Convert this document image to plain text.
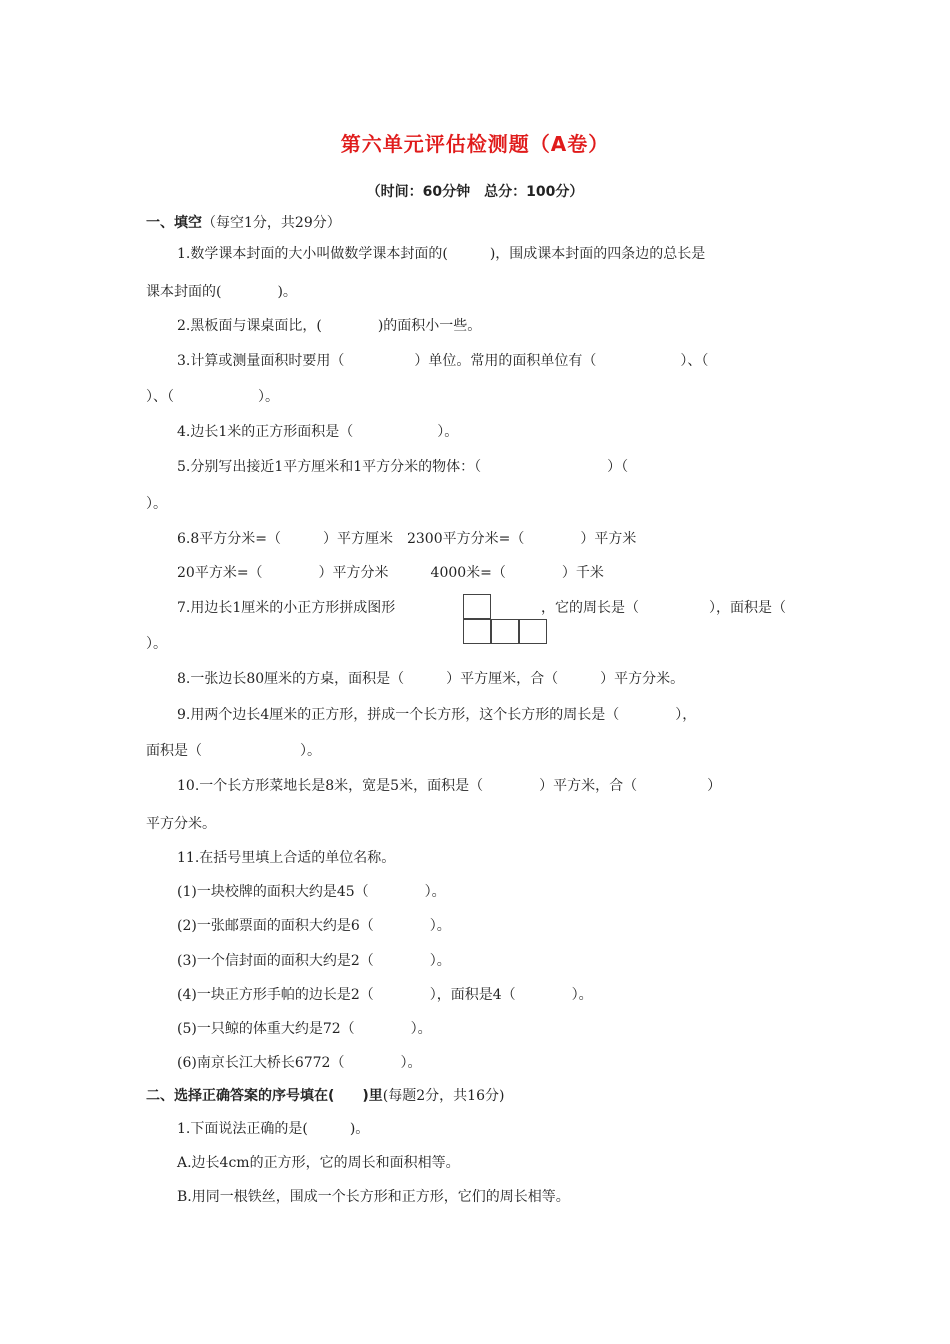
第六单元评估检测题（A卷）
（时间：60分钟　总分：100分）
一、填空（每空1分，共29分）
1.数学课本封面的大小叫做数学课本封面的(　　　)，围成课本封面的四条边的总长是
课本封面的(　　　　)。
2.黑板面与课桌面比，(　　　　)的面积小一些。
3.计算或测量面积时要用（　　　　　）单位。常用的面积单位有（　　　　　　）、（
）、（　　　　　　）。
4.边长1米的正方形面积是（　　　　　　）。
5.分别写出接近1平方厘米和1平方分米的物体：（　　　　　　　　　）（
）。
6.8平方分米=（　　　）平方厘米　2300平方分米=（　　　　）平方米
20平方米=（　　　　）平方分米　　　4000米=（　　　　）千米
7.用边长1厘米的小正方形拼成图形	，它的周长是（　　　　　），面积是（
）。
8.一张边长80厘米的方桌，面积是（　　　）平方厘米，合（　　　）平方分米。
9.用两个边长4厘米的正方形，拼成一个长方形，这个长方形的周长是（　　　　），
面积是（　　　　　　　）。
10.一个长方形菜地长是8米，宽是5米，面积是（　　　　）平方米，合（　　　　　）
平方分米。
11.在括号里填上合适的单位名称。
(1)一块校牌的面积大约是45（　　　　）。
(2)一张邮票面的面积大约是6（　　　　）。
(3)一个信封面的面积大约是2（　　　　）。
(4)一块正方形手帕的边长是2（　　　　），面积是4（　　　　）。
(5)一只鲸的体重大约是72（　　　　）。
(6)南京长江大桥长6772（　　　　）。
二、选择正确答案的序号填在(　　)里(每题2分，共16分)
1.下面说法正确的是(　　　)。
A.边长4cm的正方形，它的周长和面积相等。
B.用同一根铁丝，围成一个长方形和正方形，它们的周长相等。
